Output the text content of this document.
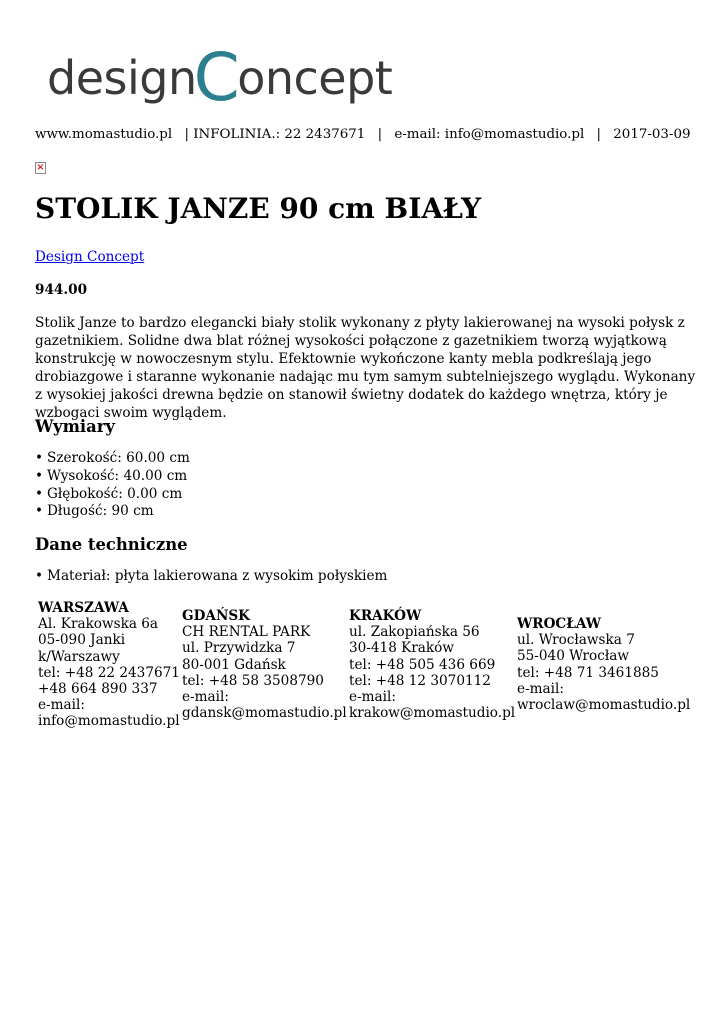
designConcept
www.momastudio.pl | INFOLINIA.: 22 2437671 | e-mail: info@momastudio.pl | 2017-03-09
×
STOLIK JANZE 90 cm BIAŁY
Design Concept
944.00

Stolik Janze to bardzo elegancki biały stolik wykonany z płyty lakierowanej na wysoki połysk z gazetnikiem. Solidne dwa blat różnej wysokości połączone z gazetnikiem tworzą wyjątkową konstrukcję w nowoczesnym stylu. Efektownie wykończone kanty mebla podkreślają jego drobiazgowe i staranne wykonanie nadając mu tym samym subtelniejszego wyglądu. Wykonany z wysokiej jakości drewna będzie on stanowił świetny dodatek do każdego wnętrza, który je wzbogaci swoim wyglądem.

Wymiary
• Szerokość: 60.00 cm
• Wysokość: 40.00 cm
• Głębokość: 0.00 cm
• Długość: 90 cm
Dane techniczne
• Materiał: płyta lakierowana z wysokim połyskiem
WARSZAWA
Al. Krakowska 6a
05-090 Janki
k/Warszawy
tel: +48 22 2437671
+48 664 890 337
e-mail:
info@momastudio.pl
GDAŃSK
CH RENTAL PARK
ul. Przywidzka 7
80-001 Gdańsk
tel: +48 58 3508790
e-mail:
gdansk@momastudio.pl
KRAKÓW
ul. Zakopiańska 56
30-418 Kraków
tel: +48 505 436 669
tel: +48 12 3070112
e-mail:
krakow@momastudio.pl
WROCŁAW
ul. Wrocławska 7
55-040 Wrocław
tel: +48 71 3461885
e-mail:
wroclaw@momastudio.pl
